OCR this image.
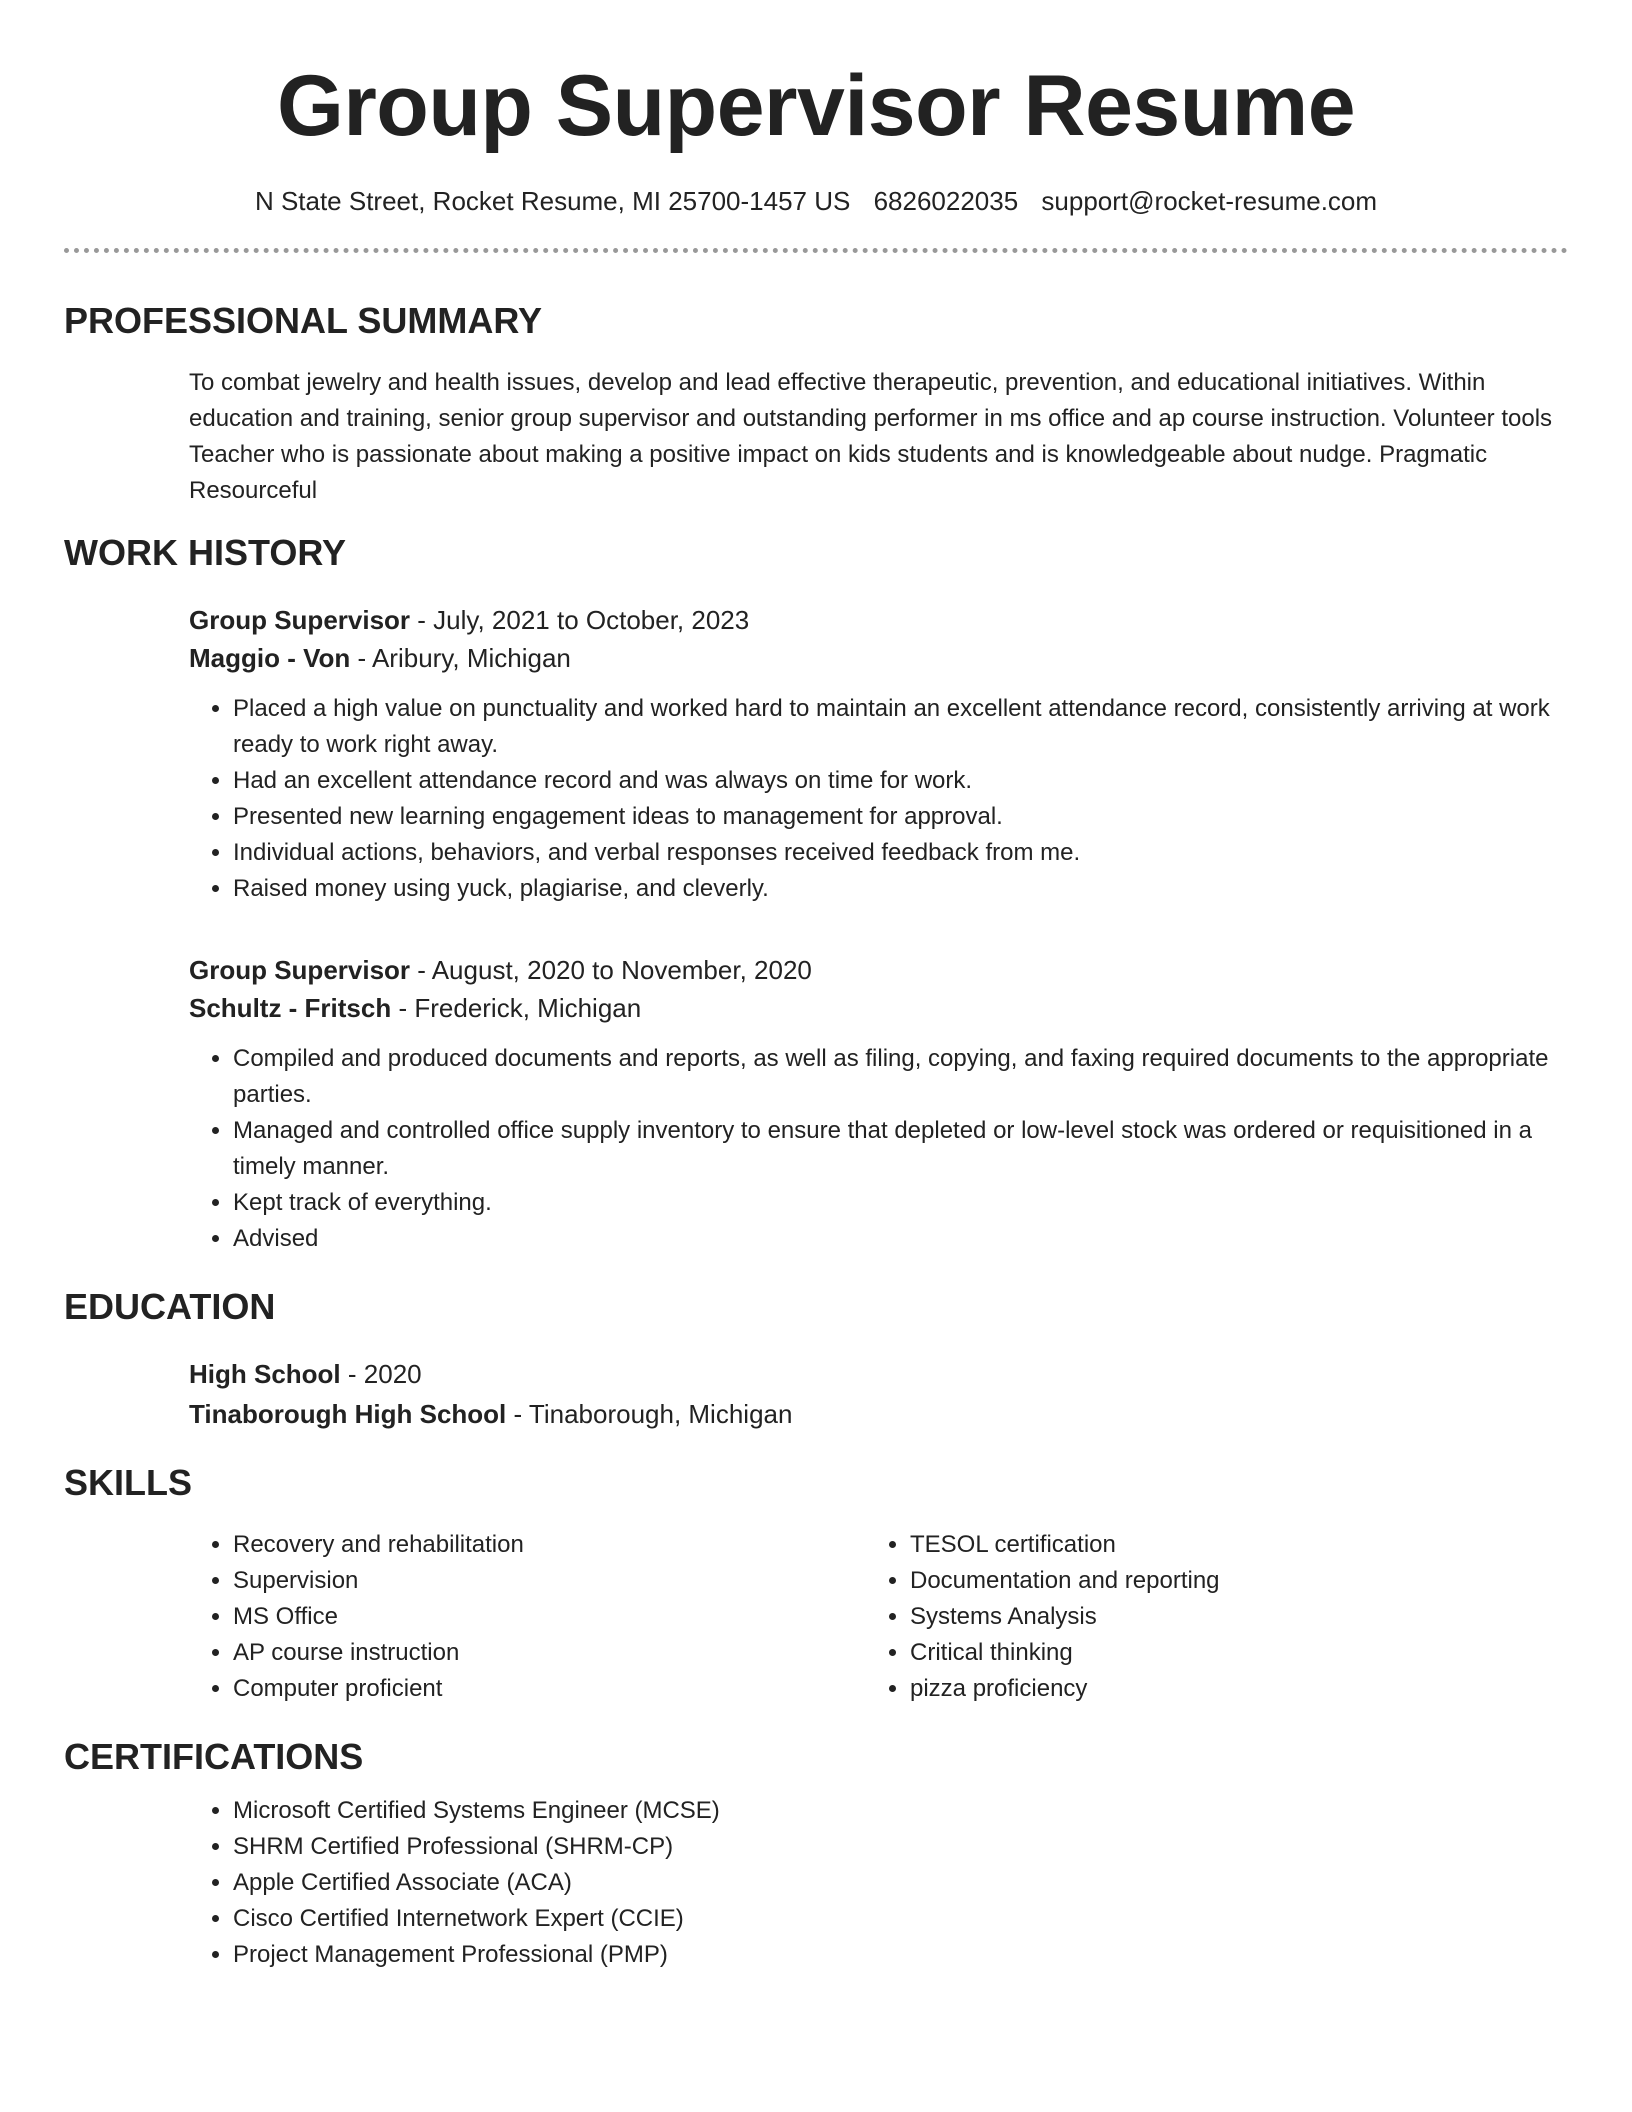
Group Supervisor Resume
N State Street, Rocket Resume, MI 25700-1457 US 6826022035 support@rocket-resume.com
PROFESSIONAL SUMMARY

To combat jewelry and health issues, develop and lead effective therapeutic, prevention, and educational initiatives. Within education and training, senior group supervisor and outstanding performer in ms office and ap course instruction. Volunteer tools Teacher who is passionate about making a positive impact on kids students and is knowledgeable about nudge. Pragmatic Resourceful

WORK HISTORY
Group Supervisor - July, 2021 to October, 2023
Maggio - Von - Aribury, Michigan
• Placed a high value on punctuality and worked hard to maintain an excellent attendance record, consistently arriving at work ready to work right away.
• Had an excellent attendance record and was always on time for work.
• Presented new learning engagement ideas to management for approval.
• Individual actions, behaviors, and verbal responses received feedback from me.
• Raised money using yuck, plagiarise, and cleverly.
Group Supervisor - August, 2020 to November, 2020
Schultz - Fritsch - Frederick, Michigan
• Compiled and produced documents and reports, as well as filing, copying, and faxing required documents to the appropriate parties.
• Managed and controlled office supply inventory to ensure that depleted or low-level stock was ordered or requisitioned in a timely manner.
• Kept track of everything.
• Advised
EDUCATION
High School - 2020
Tinaborough High School - Tinaborough, Michigan
SKILLS
• Recovery and rehabilitation
• Supervision
• MS Office
• AP course instruction
• Computer proficient
• TESOL certification
• Documentation and reporting
• Systems Analysis
• Critical thinking
• pizza proficiency
CERTIFICATIONS
• Microsoft Certified Systems Engineer (MCSE)
• SHRM Certified Professional (SHRM-CP)
• Apple Certified Associate (ACA)
• Cisco Certified Internetwork Expert (CCIE)
• Project Management Professional (PMP)
